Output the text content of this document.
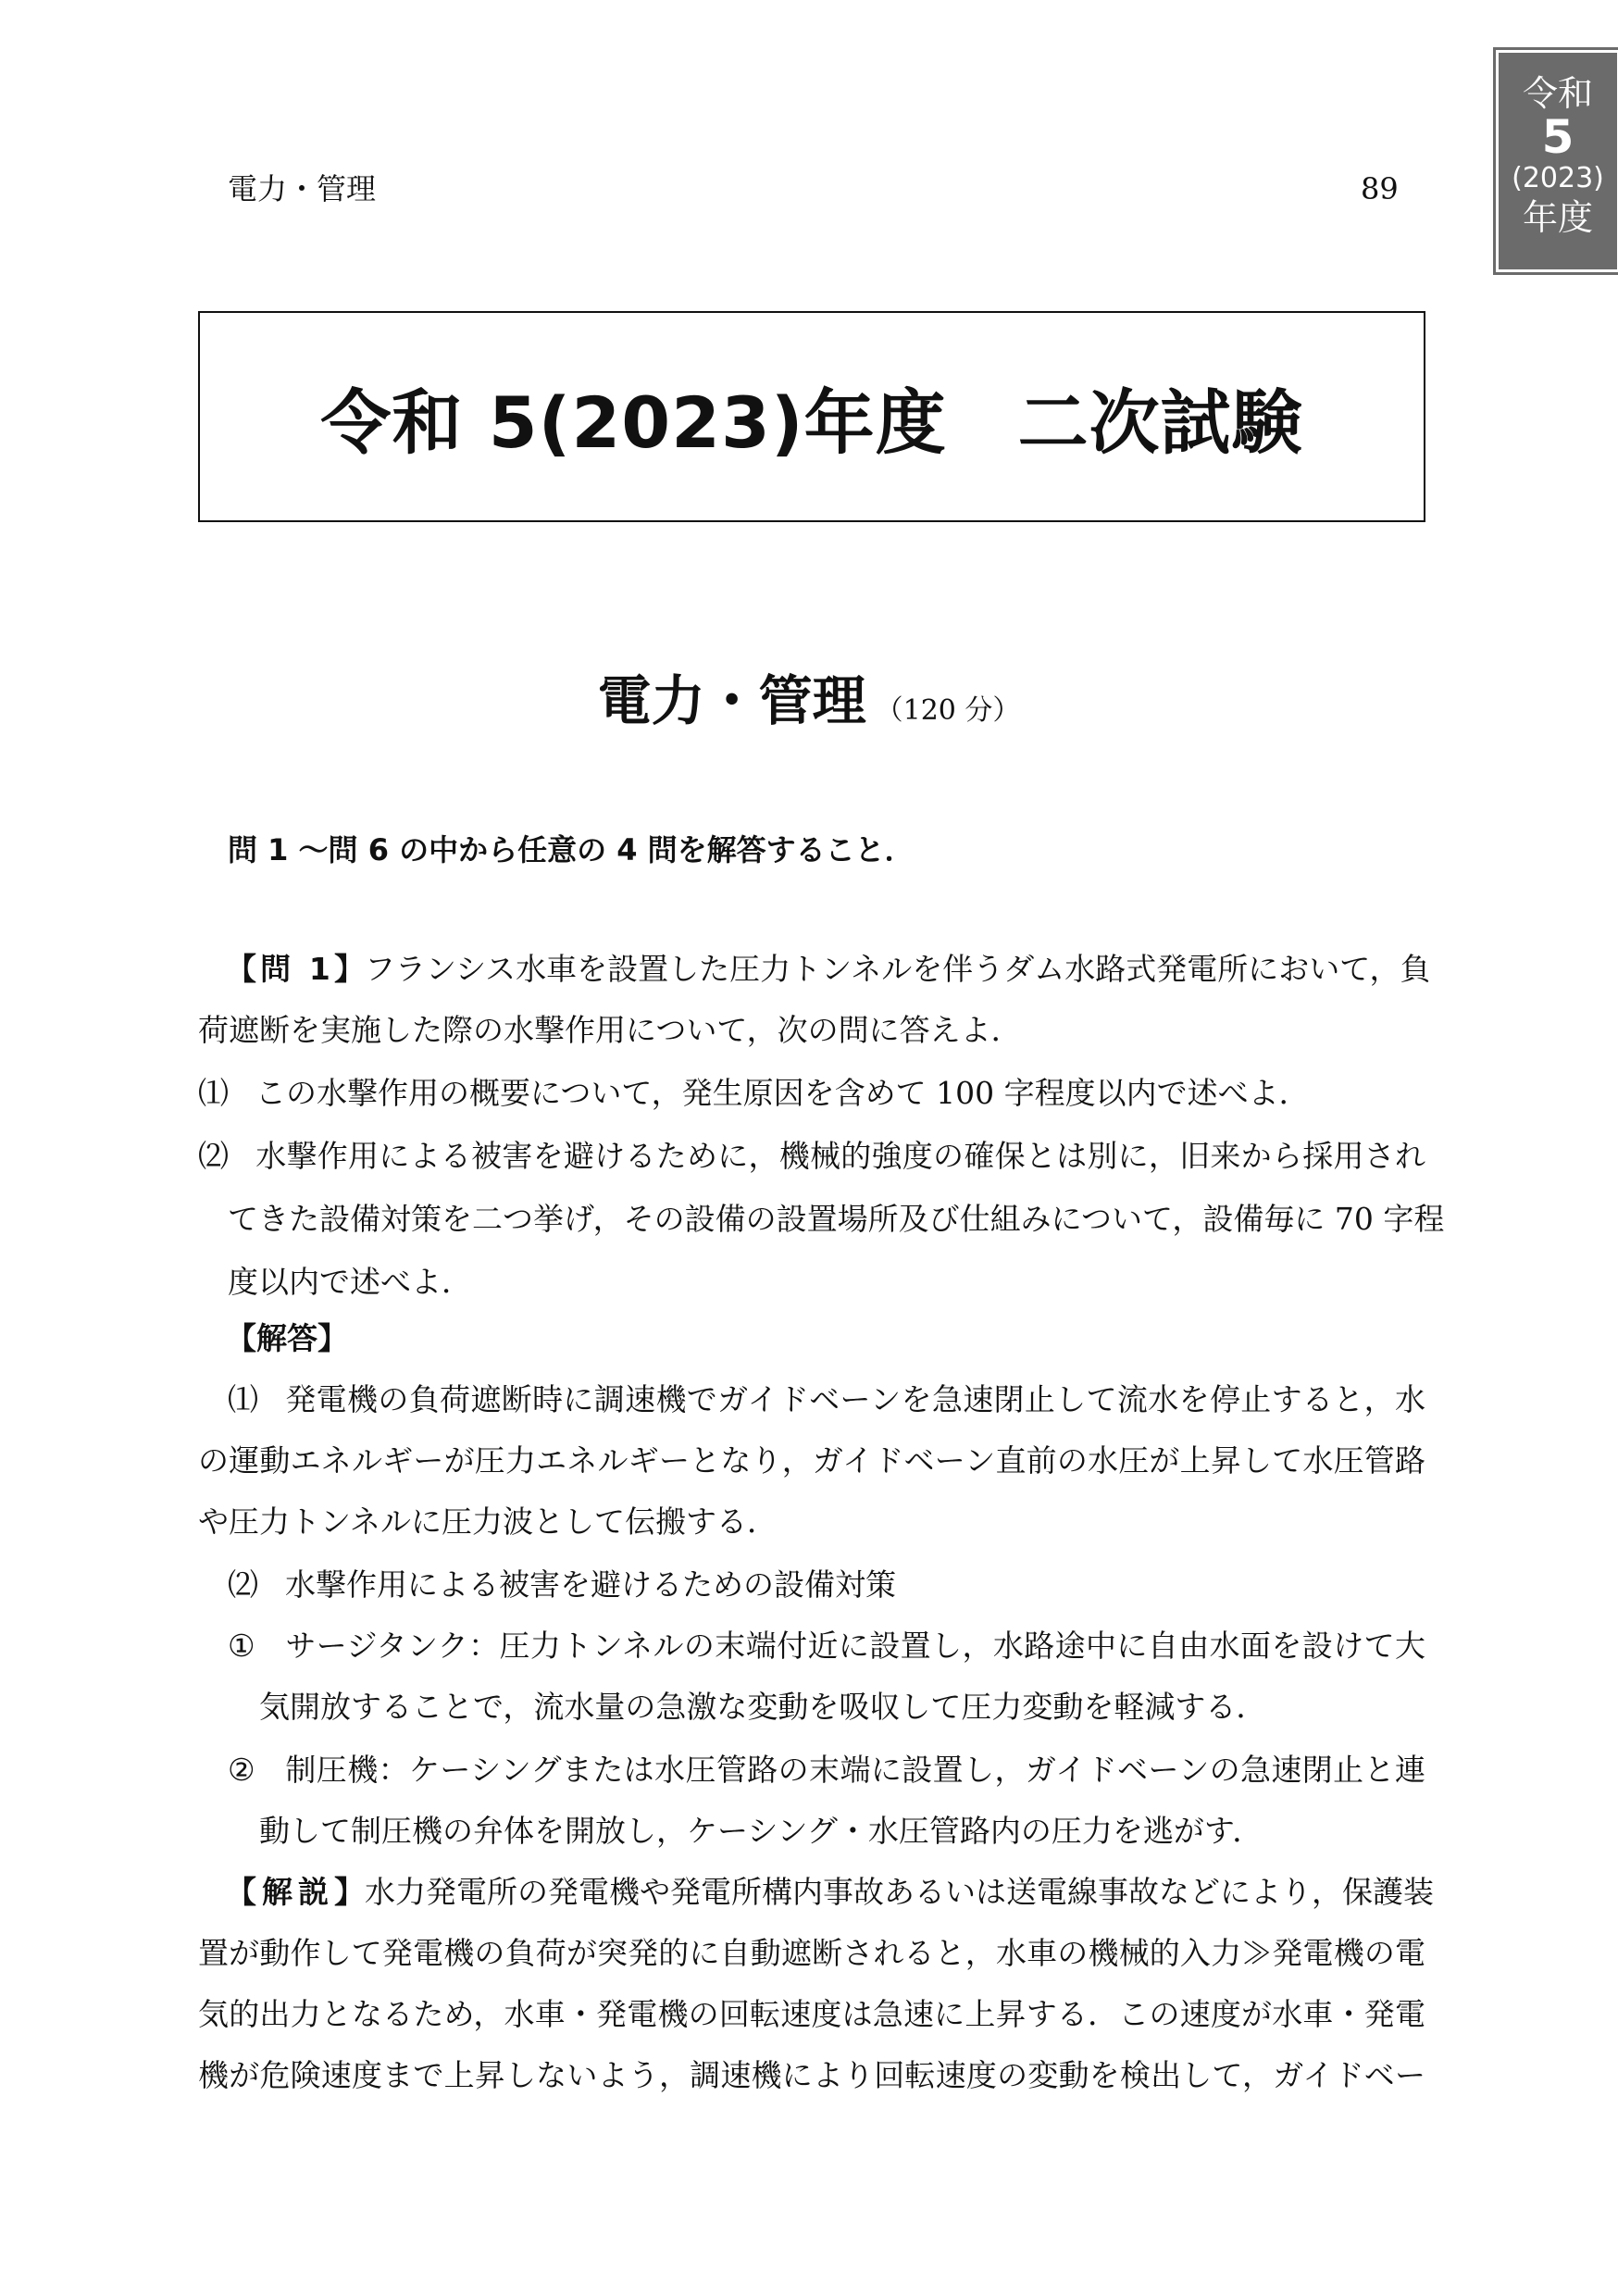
令和
5
(2023)
年度
電力・管理	89
令和 5(2023)年度　二次試験
電力・管理 （120 分）
問 1 〜問 6 の中から任意の 4 問を解答すること．
【問 1】フランシス水車を設置した圧力トンネルを伴うダム水路式発電所において，負
荷遮断を実施した際の水撃作用について，次の問に答えよ．
⑴ この水撃作用の概要について，発生原因を含めて 100 字程度以内で述べよ．
⑵ 水撃作用による被害を避けるために，機械的強度の確保とは別に，旧来から採用され
てきた設備対策を二つ挙げ，その設備の設置場所及び仕組みについて，設備毎に 70 字程
度以内で述べよ．
【解答】
⑴ 発電機の負荷遮断時に調速機でガイドベーンを急速閉止して流水を停止すると，水
の運動エネルギーが圧力エネルギーとなり，ガイドベーン直前の水圧が上昇して水圧管路
や圧力トンネルに圧力波として伝搬する．
⑵ 水撃作用による被害を避けるための設備対策
① サージタンク：圧力トンネルの末端付近に設置し，水路途中に自由水面を設けて大
気開放することで，流水量の急激な変動を吸収して圧力変動を軽減する．
② 制圧機：ケーシングまたは水圧管路の末端に設置し，ガイドベーンの急速閉止と連
動して制圧機の弁体を開放し，ケーシング・水圧管路内の圧力を逃がす．
【解説】水力発電所の発電機や発電所構内事故あるいは送電線事故などにより，保護装
置が動作して発電機の負荷が突発的に自動遮断されると，水車の機械的入力≫発電機の電
気的出力となるため，水車・発電機の回転速度は急速に上昇する．この速度が水車・発電
機が危険速度まで上昇しないよう，調速機により回転速度の変動を検出して，ガイドベー
